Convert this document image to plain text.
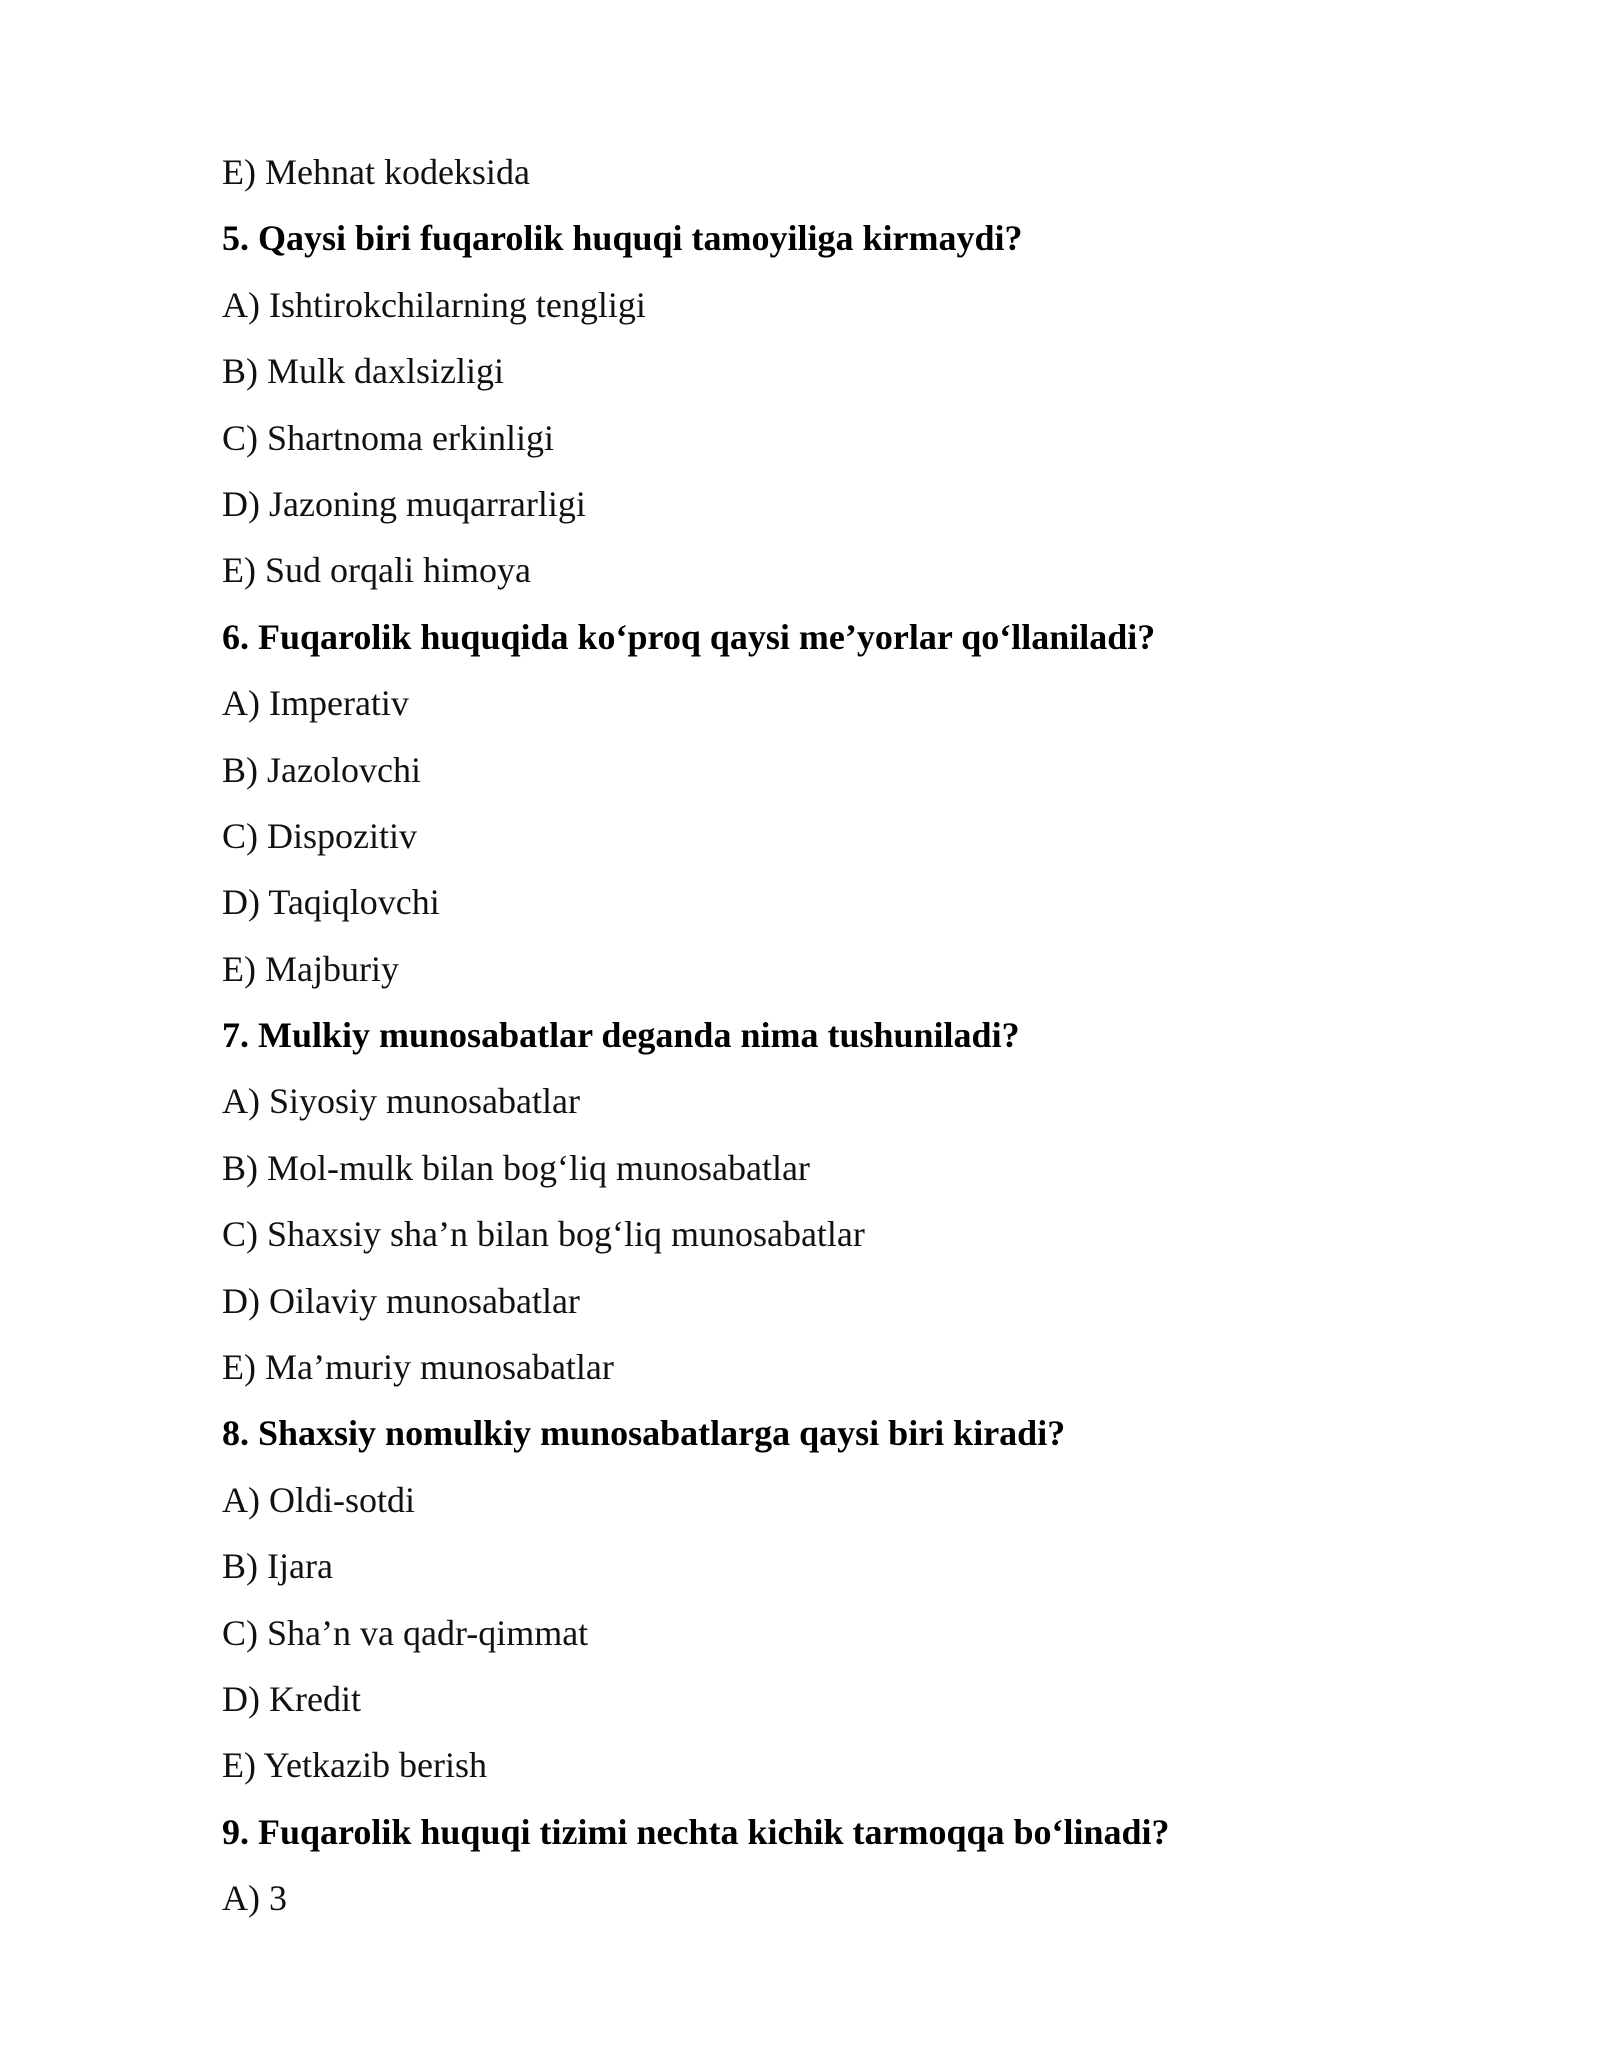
E) Mehnat kodeksida
5. Qaysi biri fuqarolik huquqi tamoyiliga kirmaydi?
A) Ishtirokchilarning tengligi
B) Mulk daxlsizligi
C) Shartnoma erkinligi
D) Jazoning muqarrarligi
E) Sud orqali himoya
6. Fuqarolik huquqida ko‘proq qaysi me’yorlar qo‘llaniladi?
A) Imperativ
B) Jazolovchi
C) Dispozitiv
D) Taqiqlovchi
E) Majburiy
7. Mulkiy munosabatlar deganda nima tushuniladi?
A) Siyosiy munosabatlar
B) Mol-mulk bilan bog‘liq munosabatlar
C) Shaxsiy sha’n bilan bog‘liq munosabatlar
D) Oilaviy munosabatlar
E) Ma’muriy munosabatlar
8. Shaxsiy nomulkiy munosabatlarga qaysi biri kiradi?
A) Oldi-sotdi
B) Ijara
C) Sha’n va qadr-qimmat
D) Kredit
E) Yetkazib berish
9. Fuqarolik huquqi tizimi nechta kichik tarmoqqa bo‘linadi?
A) 3
